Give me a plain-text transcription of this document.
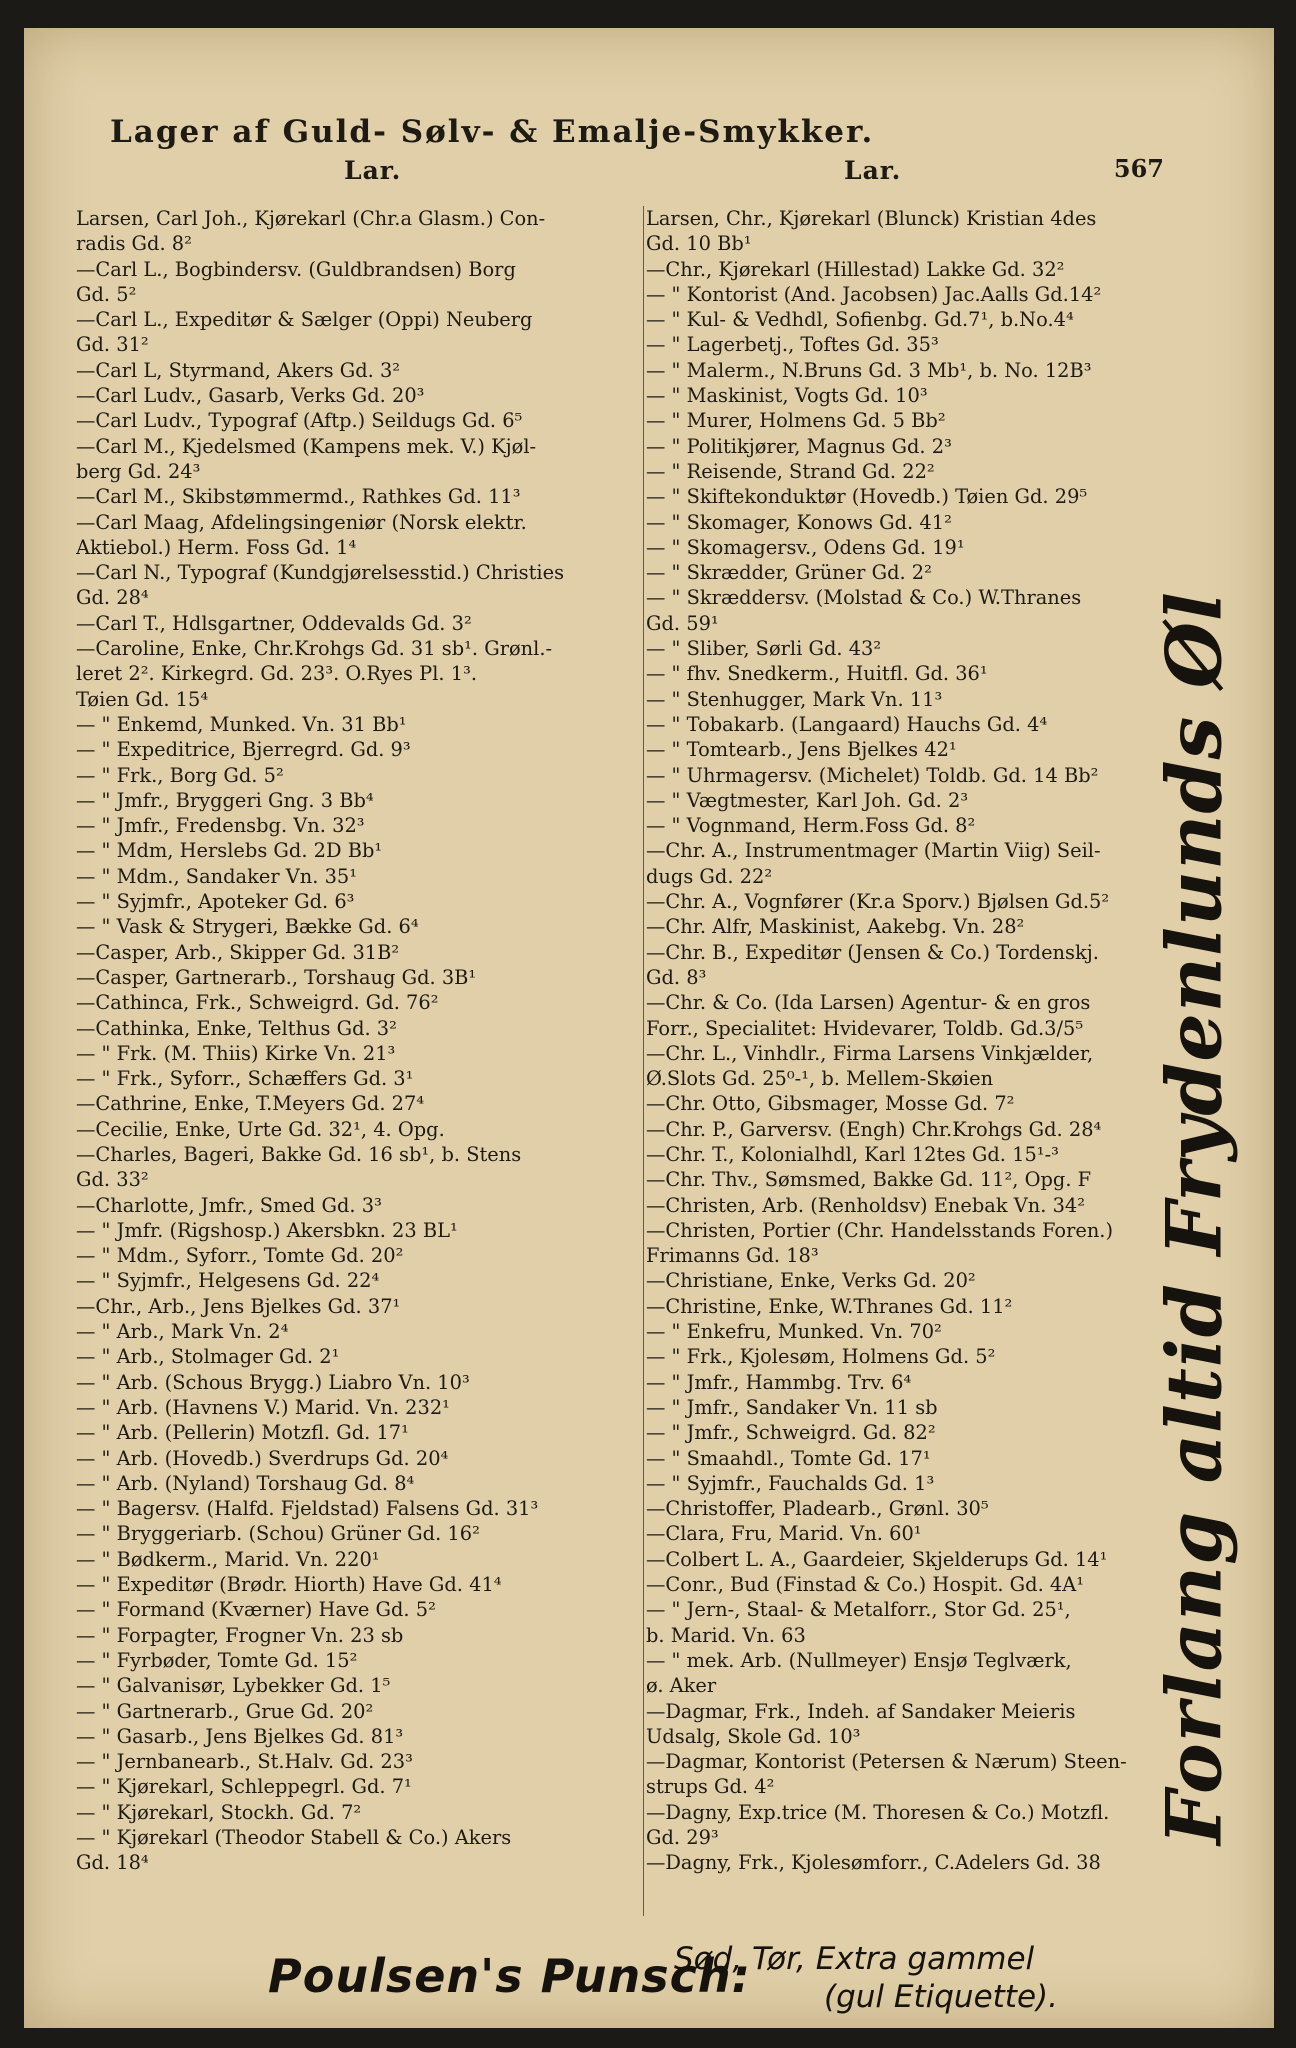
Lager af Guld- Sølv- & Emalje-Smykker.
Lar.	Lar.	567
Larsen, Carl Joh., Kjørekarl (Chr.a Glasm.) Con-
radis Gd. 8²
—Carl L., Bogbindersv. (Guldbrandsen) Borg
Gd. 5²
—Carl L., Expeditør & Sælger (Oppi) Neuberg
Gd. 31²
—Carl L, Styrmand, Akers Gd. 3²
—Carl Ludv., Gasarb, Verks Gd. 20³
—Carl Ludv., Typograf (Aftp.) Seildugs Gd. 6⁵
—Carl M., Kjedelsmed (Kampens mek. V.) Kjøl-
berg Gd. 24³
—Carl M., Skibstømmermd., Rathkes Gd. 11³
—Carl Maag, Afdelingsingeniør (Norsk elektr.
Aktiebol.) Herm. Foss Gd. 1⁴
—Carl N., Typograf (Kundgjørelsesstid.) Christies
Gd. 28⁴
—Carl T., Hdlsgartner, Oddevalds Gd. 3²
—Caroline, Enke, Chr.Krohgs Gd. 31 sb¹. Grønl.-
leret 2². Kirkegrd. Gd. 23³. O.Ryes Pl. 1³.
Tøien Gd. 15⁴
— " Enkemd, Munked. Vn. 31 Bb¹
— " Expeditrice, Bjerregrd. Gd. 9³
— " Frk., Borg Gd. 5²
— " Jmfr., Bryggeri Gng. 3 Bb⁴
— " Jmfr., Fredensbg. Vn. 32³
— " Mdm, Herslebs Gd. 2D Bb¹
— " Mdm., Sandaker Vn. 35¹
— " Syjmfr., Apoteker Gd. 6³
— " Vask & Strygeri, Bække Gd. 6⁴
—Casper, Arb., Skipper Gd. 31B²
—Casper, Gartnerarb., Torshaug Gd. 3B¹
—Cathinca, Frk., Schweigrd. Gd. 76²
—Cathinka, Enke, Telthus Gd. 3²
— " Frk. (M. Thiis) Kirke Vn. 21³
— " Frk., Syforr., Schæffers Gd. 3¹
—Cathrine, Enke, T.Meyers Gd. 27⁴
—Cecilie, Enke, Urte Gd. 32¹, 4. Opg.
—Charles, Bageri, Bakke Gd. 16 sb¹, b. Stens
Gd. 33²
—Charlotte, Jmfr., Smed Gd. 3³
— " Jmfr. (Rigshosp.) Akersbkn. 23 BL¹
— " Mdm., Syforr., Tomte Gd. 20²
— " Syjmfr., Helgesens Gd. 22⁴
—Chr., Arb., Jens Bjelkes Gd. 37¹
— " Arb., Mark Vn. 2⁴
— " Arb., Stolmager Gd. 2¹
— " Arb. (Schous Brygg.) Liabro Vn. 10³
— " Arb. (Havnens V.) Marid. Vn. 232¹
— " Arb. (Pellerin) Motzfl. Gd. 17¹
— " Arb. (Hovedb.) Sverdrups Gd. 20⁴
— " Arb. (Nyland) Torshaug Gd. 8⁴
— " Bagersv. (Halfd. Fjeldstad) Falsens Gd. 31³
— " Bryggeriarb. (Schou) Grüner Gd. 16²
— " Bødkerm., Marid. Vn. 220¹
— " Expeditør (Brødr. Hiorth) Have Gd. 41⁴
— " Formand (Kværner) Have Gd. 5²
— " Forpagter, Frogner Vn. 23 sb
— " Fyrbøder, Tomte Gd. 15²
— " Galvanisør, Lybekker Gd. 1⁵
— " Gartnerarb., Grue Gd. 20²
— " Gasarb., Jens Bjelkes Gd. 81³
— " Jernbanearb., St.Halv. Gd. 23³
— " Kjørekarl, Schleppegrl. Gd. 7¹
— " Kjørekarl, Stockh. Gd. 7²
— " Kjørekarl (Theodor Stabell & Co.) Akers
Gd. 18⁴
Larsen, Chr., Kjørekarl (Blunck) Kristian 4des
Gd. 10 Bb¹
—Chr., Kjørekarl (Hillestad) Lakke Gd. 32²
— " Kontorist (And. Jacobsen) Jac.Aalls Gd.14²
— " Kul- & Vedhdl, Sofienbg. Gd.7¹, b.No.4⁴
— " Lagerbetj., Toftes Gd. 35³
— " Malerm., N.Bruns Gd. 3 Mb¹, b. No. 12B³
— " Maskinist, Vogts Gd. 10³
— " Murer, Holmens Gd. 5 Bb²
— " Politikjører, Magnus Gd. 2³
— " Reisende, Strand Gd. 22²
— " Skiftekonduktør (Hovedb.) Tøien Gd. 29⁵
— " Skomager, Konows Gd. 41²
— " Skomagersv., Odens Gd. 19¹
— " Skrædder, Grüner Gd. 2²
— " Skræddersv. (Molstad & Co.) W.Thranes
Gd. 59¹
— " Sliber, Sørli Gd. 43²
— " fhv. Snedkerm., Huitfl. Gd. 36¹
— " Stenhugger, Mark Vn. 11³
— " Tobakarb. (Langaard) Hauchs Gd. 4⁴
— " Tomtearb., Jens Bjelkes 42¹
— " Uhrmagersv. (Michelet) Toldb. Gd. 14 Bb²
— " Vægtmester, Karl Joh. Gd. 2³
— " Vognmand, Herm.Foss Gd. 8²
—Chr. A., Instrumentmager (Martin Viig) Seil-
dugs Gd. 22²
—Chr. A., Vognfører (Kr.a Sporv.) Bjølsen Gd.5²
—Chr. Alfr, Maskinist, Aakebg. Vn. 28²
—Chr. B., Expeditør (Jensen & Co.) Tordenskj.
Gd. 8³
—Chr. & Co. (Ida Larsen) Agentur- & en gros
Forr., Specialitet: Hvidevarer, Toldb. Gd.3/5⁵
—Chr. L., Vinhdlr., Firma Larsens Vinkjælder,
Ø.Slots Gd. 25⁰-¹, b. Mellem-Skøien
—Chr. Otto, Gibsmager, Mosse Gd. 7²
—Chr. P., Garversv. (Engh) Chr.Krohgs Gd. 28⁴
—Chr. T., Kolonialhdl, Karl 12tes Gd. 15¹-³
—Chr. Thv., Sømsmed, Bakke Gd. 11², Opg. F
—Christen, Arb. (Renholdsv) Enebak Vn. 34²
—Christen, Portier (Chr. Handelsstands Foren.)
Frimanns Gd. 18³
—Christiane, Enke, Verks Gd. 20²
—Christine, Enke, W.Thranes Gd. 11²
— " Enkefru, Munked. Vn. 70²
— " Frk., Kjolesøm, Holmens Gd. 5²
— " Jmfr., Hammbg. Trv. 6⁴
— " Jmfr., Sandaker Vn. 11 sb
— " Jmfr., Schweigrd. Gd. 82²
— " Smaahdl., Tomte Gd. 17¹
— " Syjmfr., Fauchalds Gd. 1³
—Christoffer, Pladearb., Grønl. 30⁵
—Clara, Fru, Marid. Vn. 60¹
—Colbert L. A., Gaardeier, Skjelderups Gd. 14¹
—Conr., Bud (Finstad & Co.) Hospit. Gd. 4A¹
— " Jern-, Staal- & Metalforr., Stor Gd. 25¹,
b. Marid. Vn. 63
— " mek. Arb. (Nullmeyer) Ensjø Teglværk,
ø. Aker
—Dagmar, Frk., Indeh. af Sandaker Meieris
Udsalg, Skole Gd. 10³
—Dagmar, Kontorist (Petersen & Nærum) Steen-
strups Gd. 4²
—Dagny, Exp.trice (M. Thoresen & Co.) Motzfl.
Gd. 29³
—Dagny, Frk., Kjolesømforr., C.Adelers Gd. 38
Forlang altid Frydenlunds Øl
Poulsen's Punsch:
Sød, Tør, Extra gammel
(gul Etiquette).
